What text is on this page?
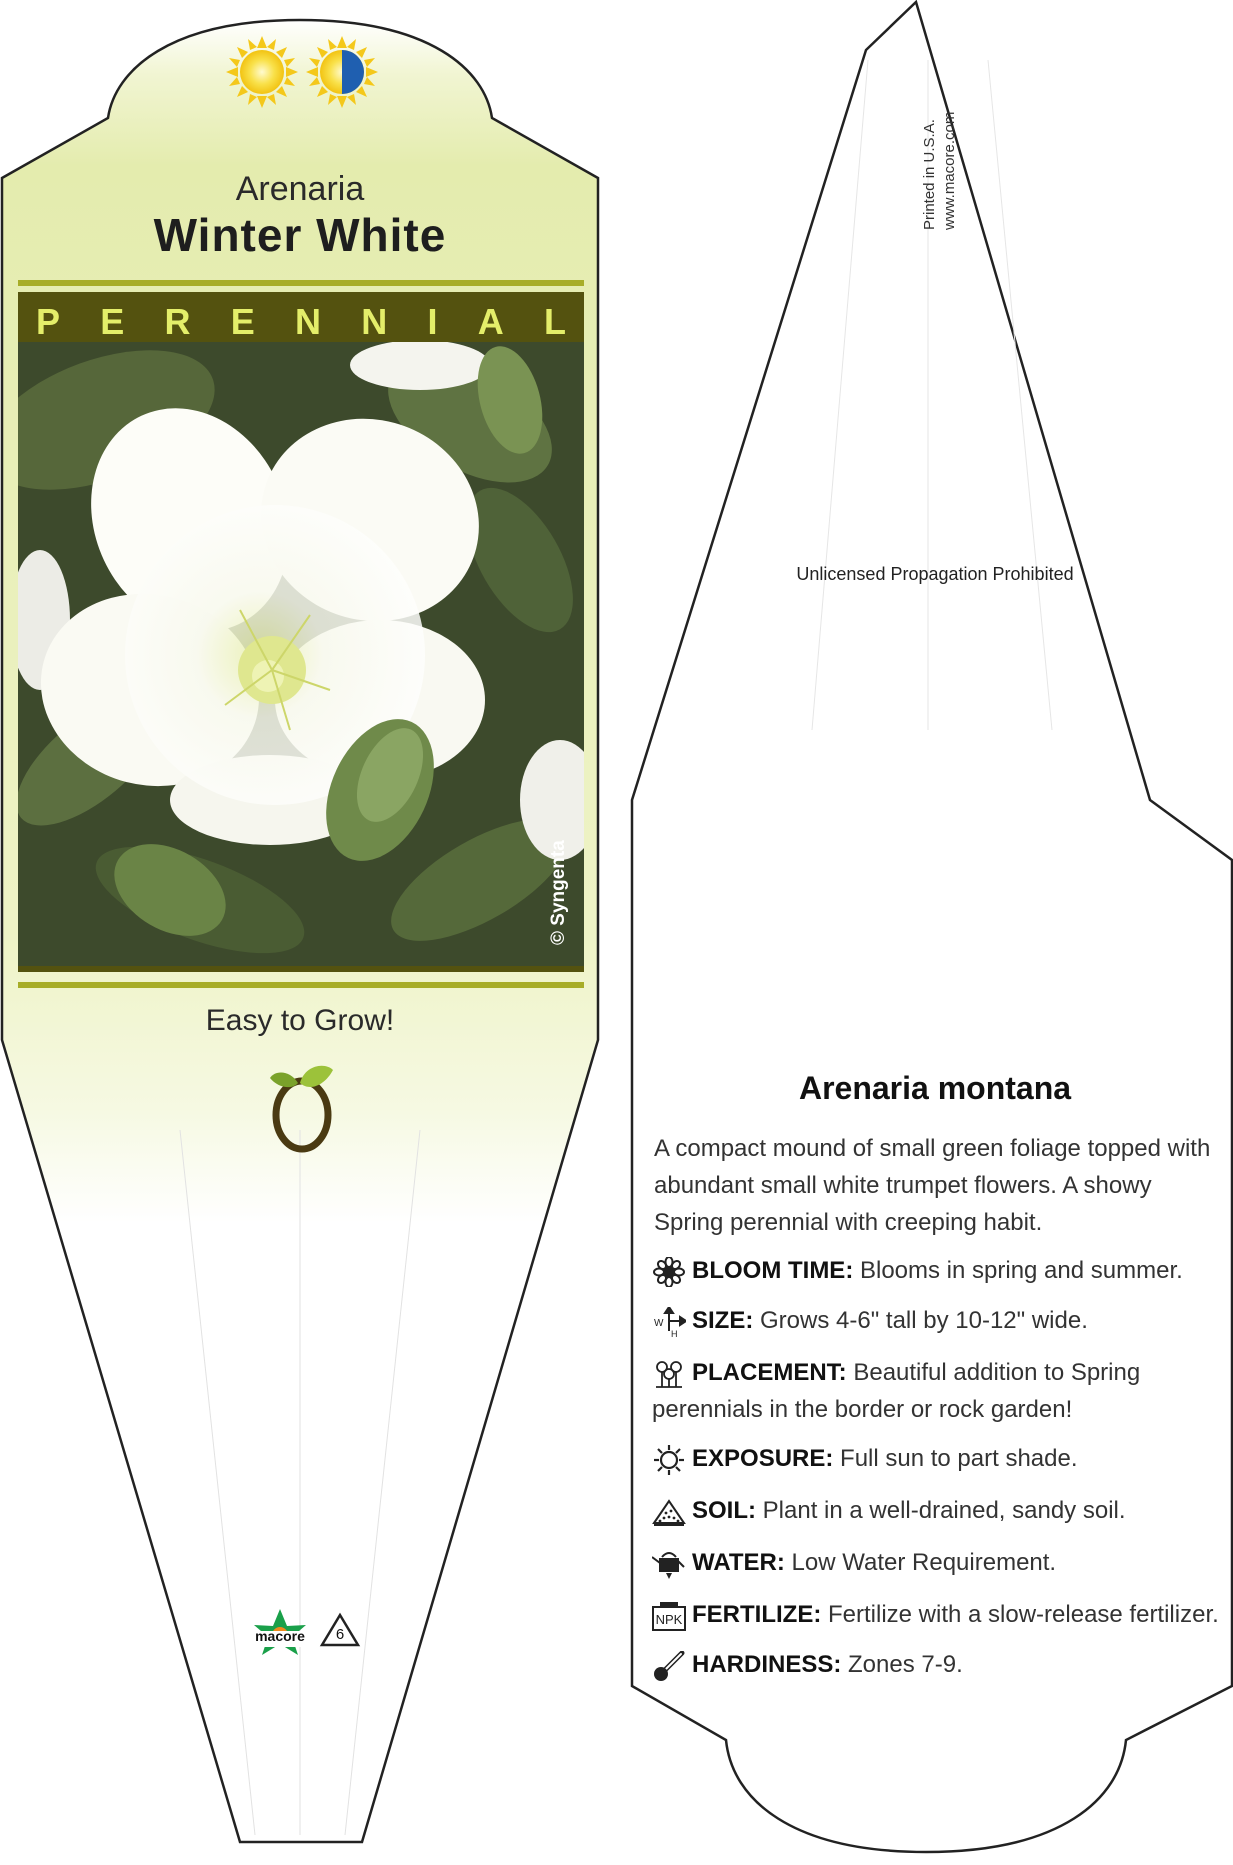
Arenaria
Winter White
P E R E N N I A L
© Syngenta
Easy to Grow!
macore	6
Printed in U.S.A. www.macore.com
Unlicensed Propagation Prohibited
Arenaria montana
A compact mound of small green foliage topped with abundant small white trumpet flowers. A showy Spring perennial with creeping habit.
BLOOM TIME: Blooms in spring and summer.
W
H SIZE: Grows 4-6" tall by 10-12" wide.
PLACEMENT: Beautiful addition to Spring perennials in the border or rock garden!
EXPOSURE: Full sun to part shade.
SOIL: Plant in a well-drained, sandy soil.
WATER: Low Water Requirement.
NPK FERTILIZE: Fertilize with a slow-release fertilizer.
HARDINESS: Zones 7-9.
